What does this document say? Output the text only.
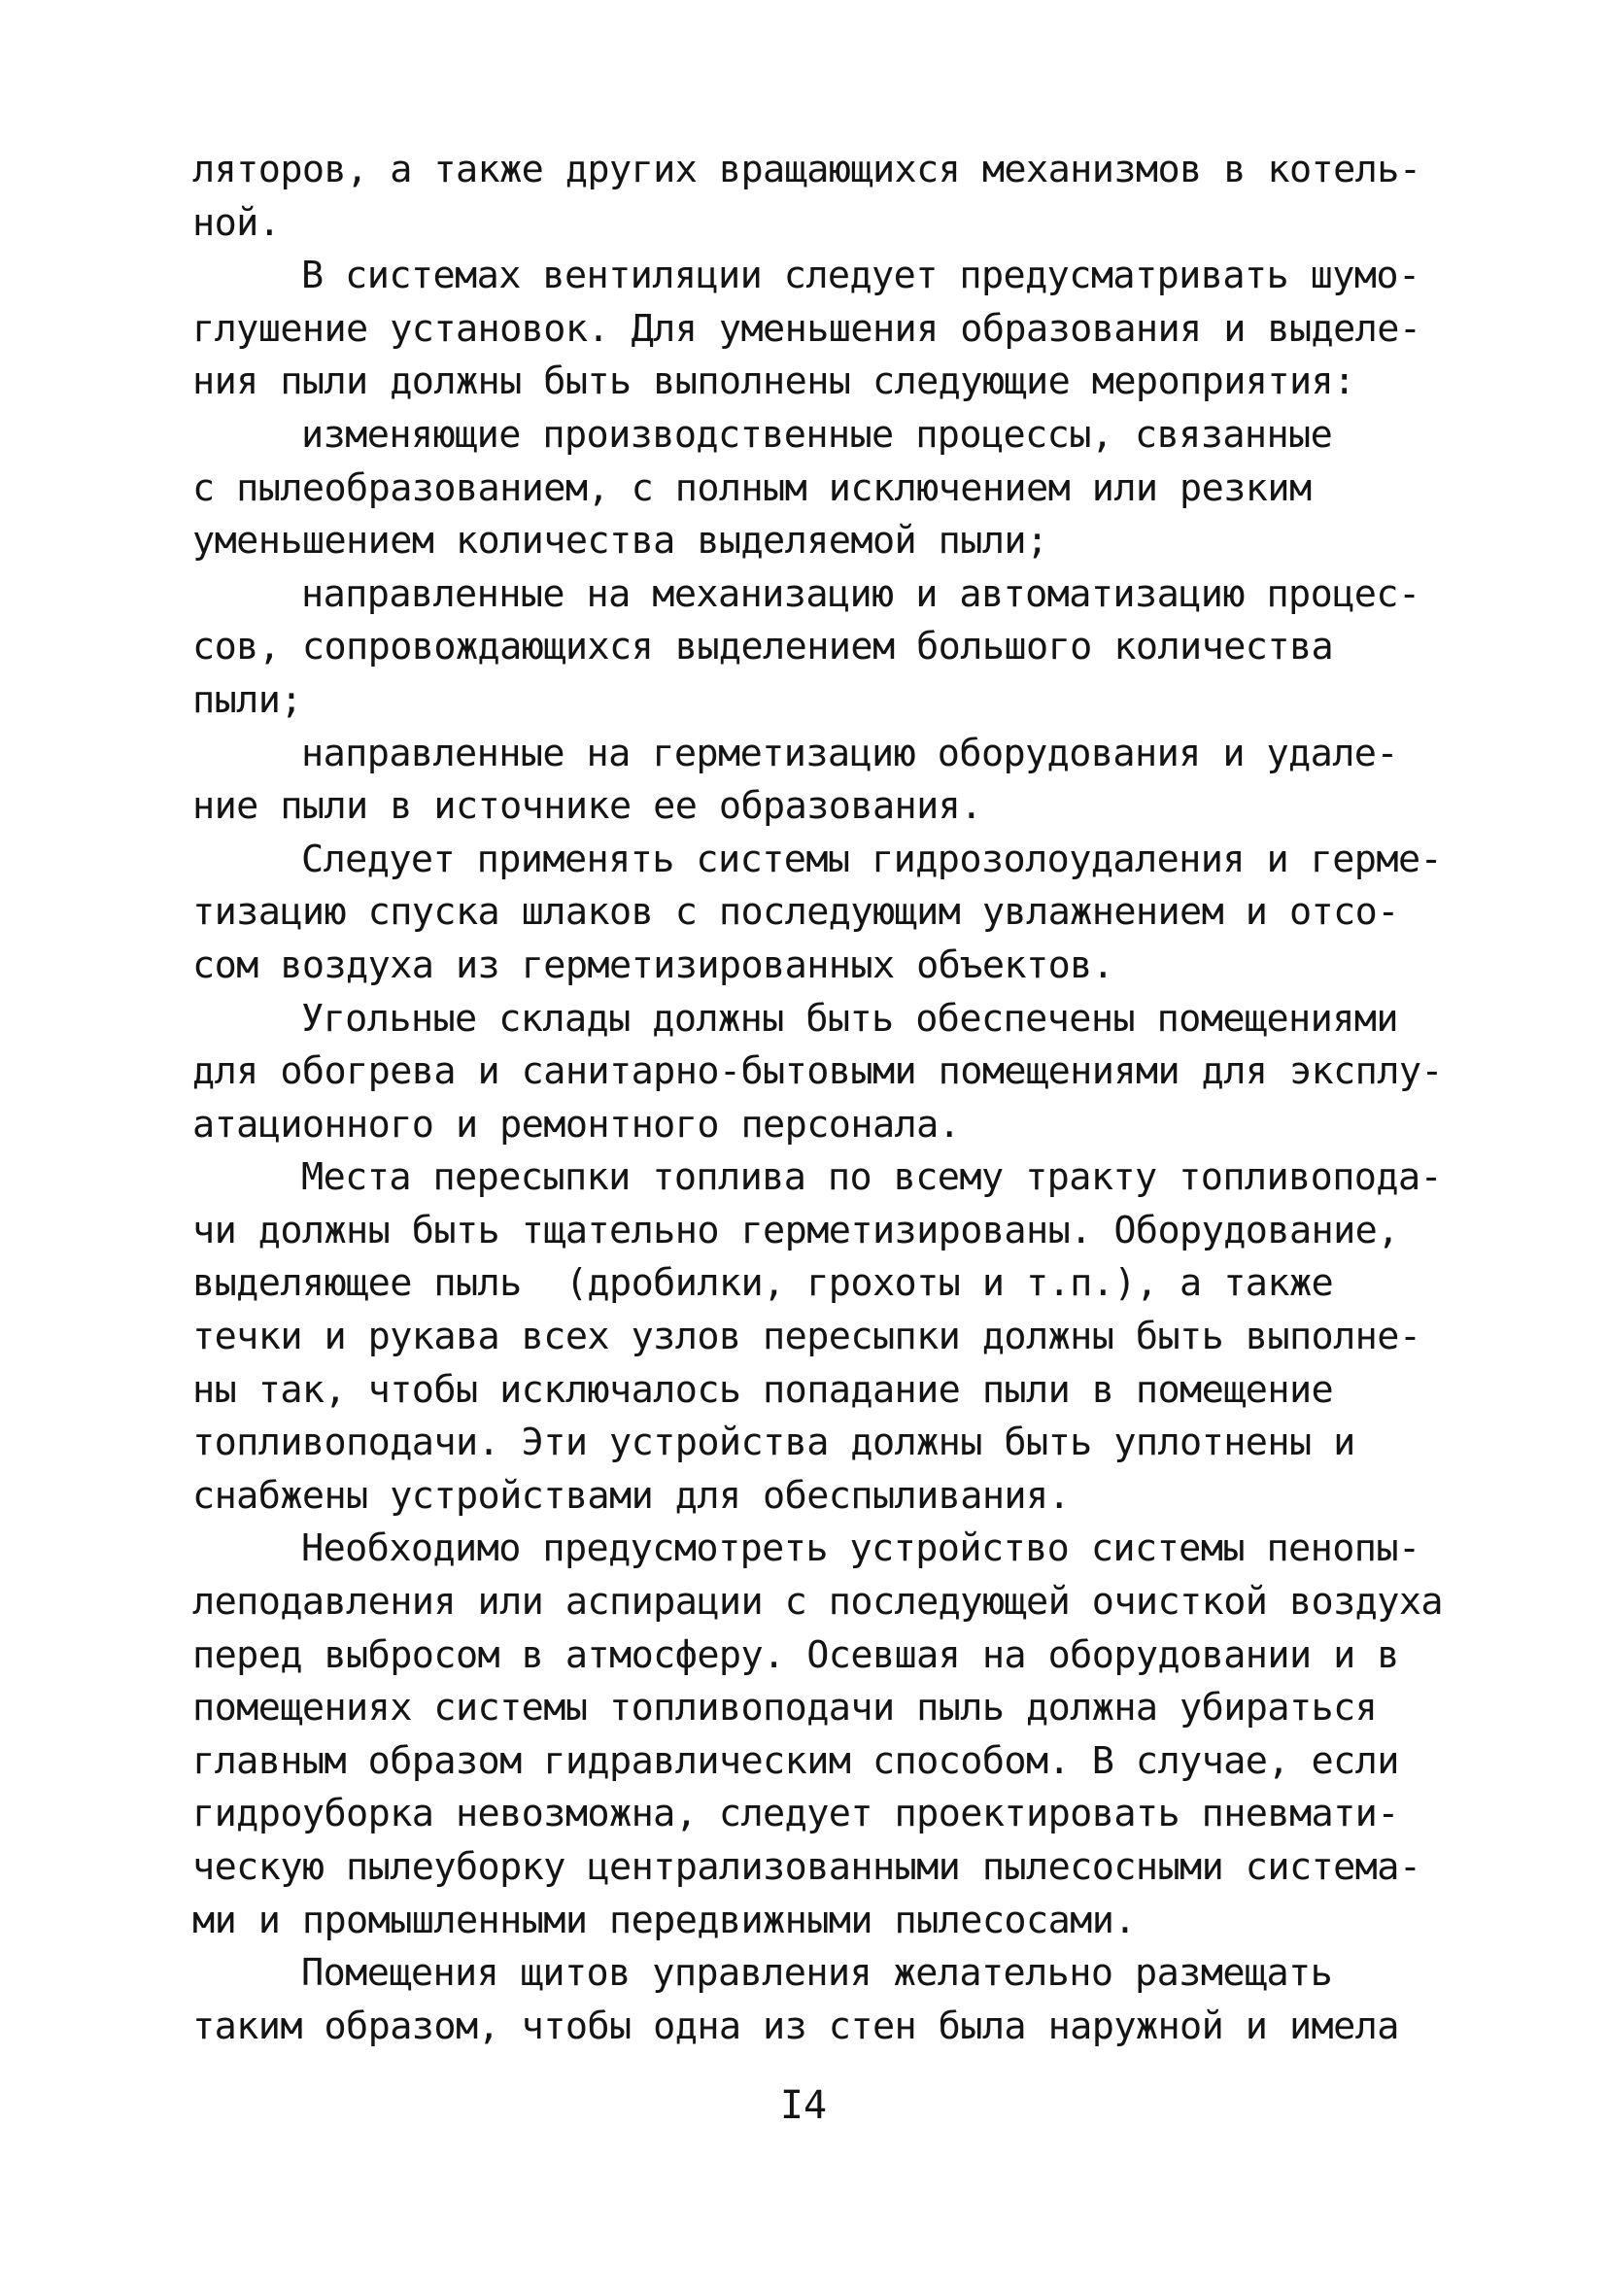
ляторов, а также других вращающихся механизмов в котель-
ной.
В системах вентиляции следует предусматривать шумо-
глушение установок. Для уменьшения образования и выделе-
ния пыли должны быть выполнены следующие мероприятия:
изменяющие производственные процессы, связанные
с пылеобразованием, с полным исключением или резким
уменьшением количества выделяемой пыли;
направленные на механизацию и автоматизацию процес-
сов, сопровождающихся выделением большого количества
пыли;
направленные на герметизацию оборудования и удале-
ние пыли в источнике ее образования.
Следует применять системы гидрозолоудаления и герме-
тизацию спуска шлаков с последующим увлажнением и отсо-
сом воздуха из герметизированных объектов.
Угольные склады должны быть обеспечены помещениями
для обогрева и санитарно-бытовыми помещениями для эксплу-
атационного и ремонтного персонала.
Места пересыпки топлива по всему тракту топливопода-
чи должны быть тщательно герметизированы. Оборудование,
выделяющее пыль  (дробилки, грохоты и т.п.), а также
течки и рукава всех узлов пересыпки должны быть выполне-
ны так, чтобы исключалось попадание пыли в помещение
топливоподачи. Эти устройства должны быть уплотнены и
снабжены устройствами для обеспыливания.
Необходимо предусмотреть устройство системы пенопы-
леподавления или аспирации с последующей очисткой воздуха
перед выбросом в атмосферу. Осевшая на оборудовании и в
помещениях системы топливоподачи пыль должна убираться
главным образом гидравлическим способом. В случае, если
гидроуборка невозможна, следует проектировать пневмати-
ческую пылеуборку централизованными пылесосными система-
ми и промышленными передвижными пылесосами.
Помещения щитов управления желательно размещать
таким образом, чтобы одна из стен была наружной и имела
I4
